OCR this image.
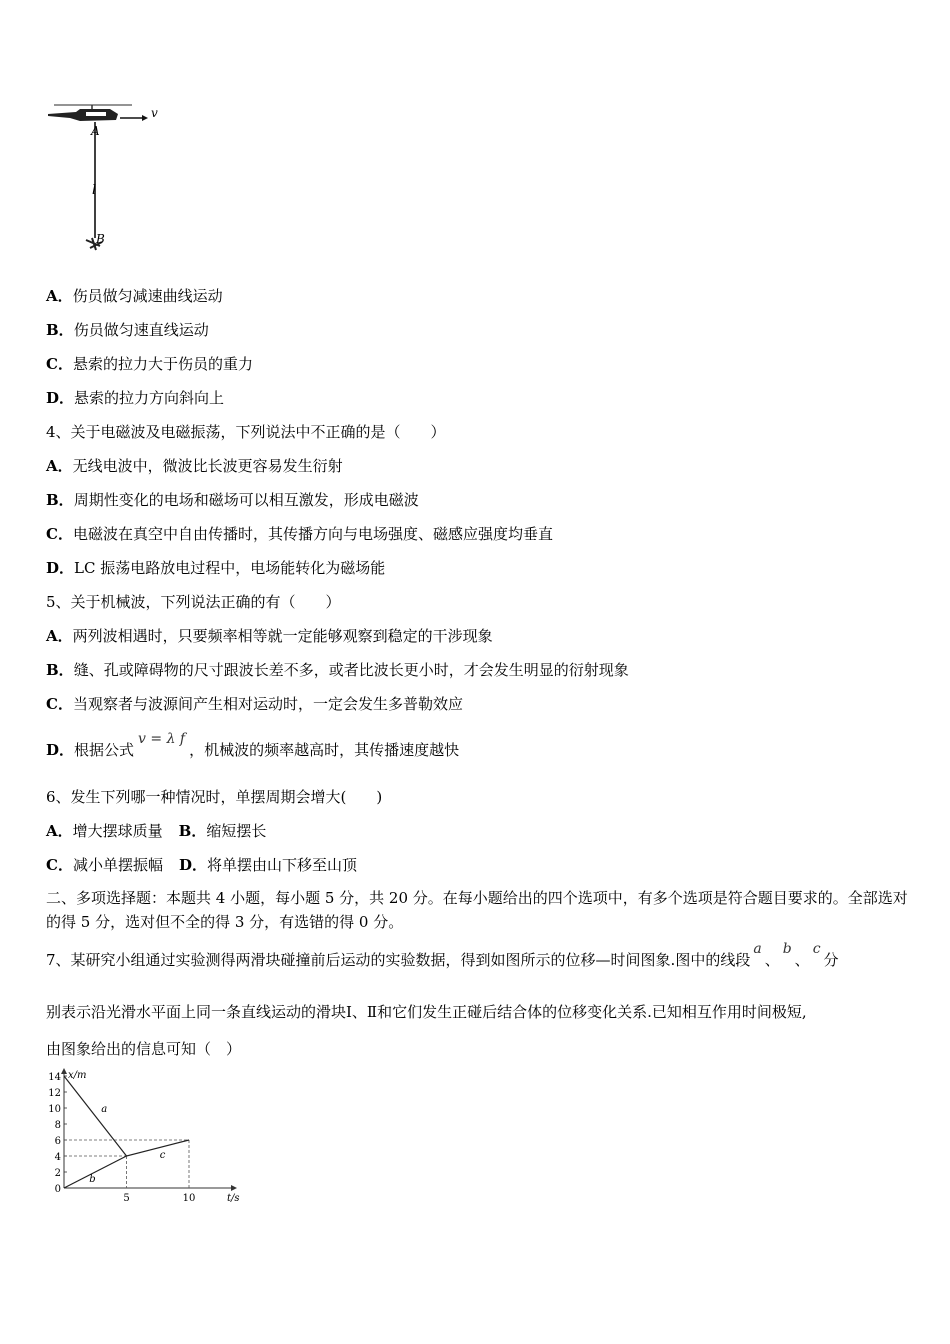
v
A
l
B
A．伤员做匀减速曲线运动
B．伤员做匀速直线运动
C．悬索的拉力大于伤员的重力
D．悬索的拉力方向斜向上
4、关于电磁波及电磁振荡，下列说法中不正确的是（　　）
A．无线电波中，微波比长波更容易发生衍射
B．周期性变化的电场和磁场可以相互激发，形成电磁波
C．电磁波在真空中自由传播时，其传播方向与电场强度、磁感应强度均垂直
D．LC 振荡电路放电过程中，电场能转化为磁场能
5、关于机械波，下列说法正确的有（　　）
A．两列波相遇时，只要频率相等就一定能够观察到稳定的干涉现象
B．缝、孔或障碍物的尺寸跟波长差不多，或者比波长更小时，才会发生明显的衍射现象
C．当观察者与波源间产生相对运动时，一定会发生多普勒效应
D．根据公式v = λ f，机械波的频率越高时，其传播速度越快
6、发生下列哪一种情况时，单摆周期会增大(　　)
A．增大摆球质量 B．缩短摆长
C．减小单摆振幅 D．将单摆由山下移至山顶
二、多项选择题：本题共 4 小题，每小题 5 分，共 20 分。在每小题给出的四个选项中，有多个选项是符合题目要求的。全部选对的得 5 分，选对但不全的得 3 分，有选错的得 0 分。
7、某研究小组通过实验测得两滑块碰撞前后运动的实验数据，得到如图所示的位移—时间图象.图中的线段a、b、c分
别表示沿光滑水平面上同一条直线运动的滑块Ⅰ、Ⅱ和它们发生正碰后结合体的位移变化关系.已知相互作用时间极短,
由图象给出的信息可知（　）
x/m
t/s
14
12
10
8
6
4
2
0
5	10
a
b
c
